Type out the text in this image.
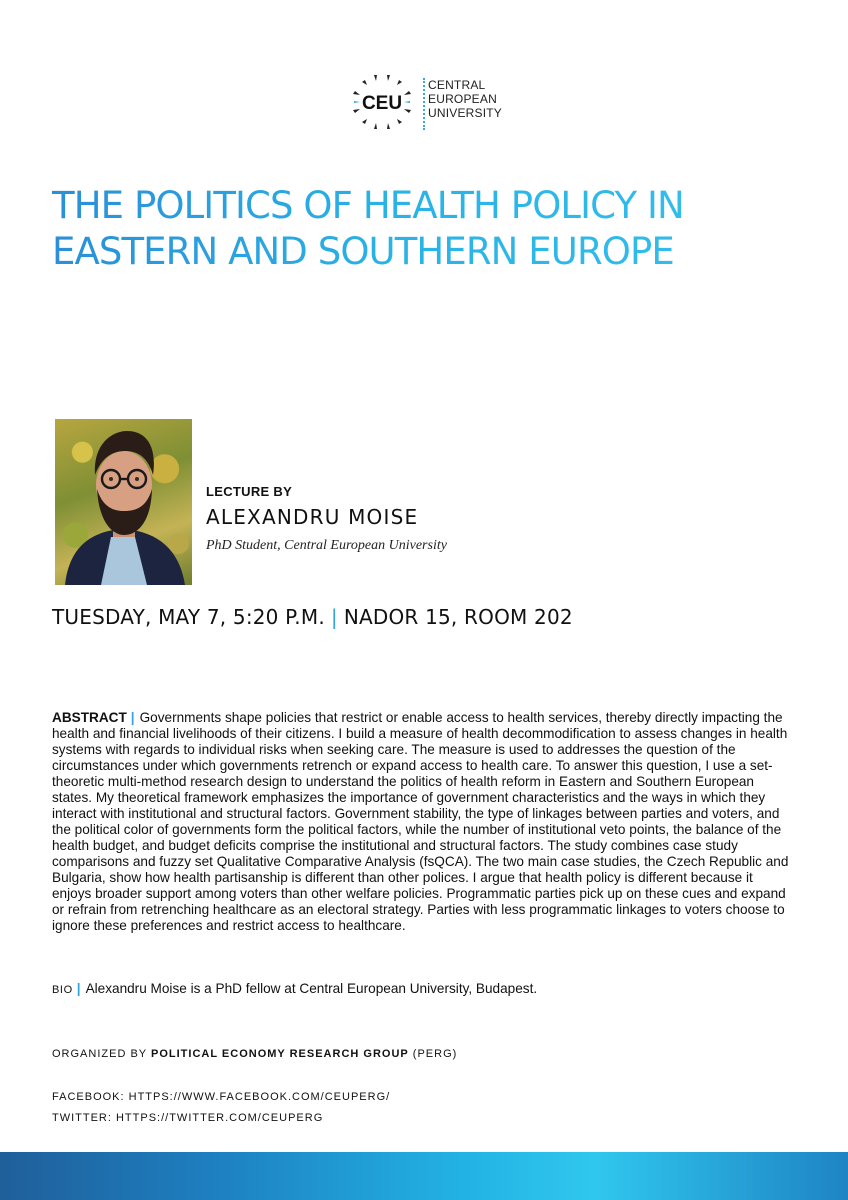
CEU
CENTRAL
EUROPEAN
UNIVERSITY
THE POLITICS OF HEALTH POLICY IN
EASTERN AND SOUTHERN EUROPE
LECTURE BY
ALEXANDRU MOISE
PhD Student, Central European University
TUESDAY, MAY 7, 5:20 P.M. | NADOR 15, ROOM 202

ABSTRACT | Governments shape policies that restrict or enable access to health services, thereby directly impacting the health and financial livelihoods of their citizens. I build a measure of health decommodification to assess changes in health systems with regards to individual risks when seeking care. The measure is used to addresses the question of the circumstances under which governments retrench or expand access to health care. To answer this question, I use a set-theoretic multi-method research design to understand the politics of health reform in Eastern and Southern European states. My theoretical framework emphasizes the importance of government characteristics and the ways in which they interact with institutional and structural factors. Government stability, the type of linkages between parties and voters, and the political color of governments form the political factors, while the number of institutional veto points, the balance of the health budget, and budget deficits comprise the institutional and structural factors. The study combines case study comparisons and fuzzy set Qualitative Comparative Analysis (fsQCA). The two main case studies, the Czech Republic and Bulgaria, show how health partisanship is different than other polices. I argue that health policy is different because it enjoys broader support among voters than other welfare policies. Programmatic parties pick up on these cues and expand or refrain from retrenching healthcare as an electoral strategy. Parties with less programmatic linkages to voters choose to ignore these preferences and restrict access to healthcare.

BIO | Alexandru Moise is a PhD fellow at Central European University, Budapest.
ORGANIZED BY POLITICAL ECONOMY RESEARCH GROUP (PERG)
FACEBOOK: HTTPS://WWW.FACEBOOK.COM/CEUPERG/
TWITTER: HTTPS://TWITTER.COM/CEUPERG
